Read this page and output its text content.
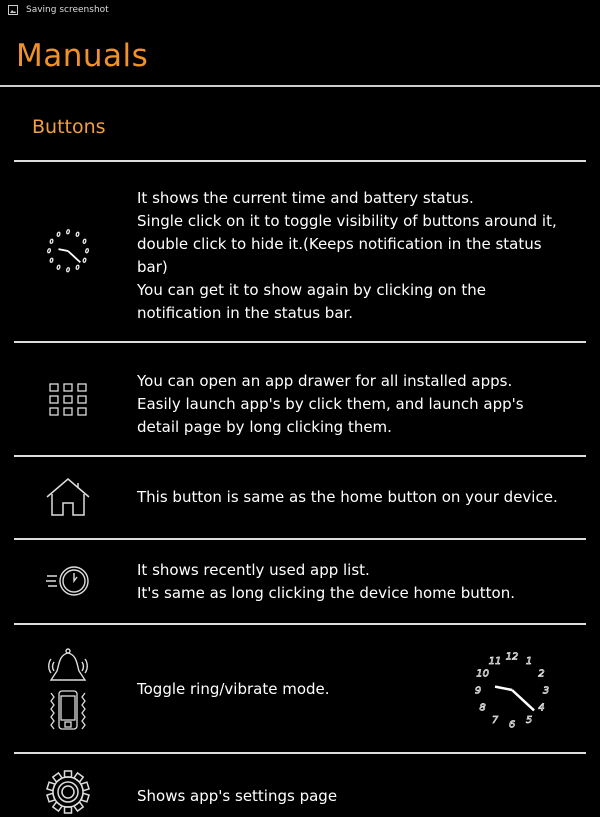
Saving screenshot
Manuals
Buttons
0 0
0
0
0
0
0
0
0
0
0
0
It shows the current time and battery status.
Single click on it to toggle visibility of buttons around it,
double click to hide it.(Keeps notification in the status
bar)
You can get it to show again by clicking on the
notification in the status bar.
You can open an app drawer for all installed apps.
Easily launch app's by click them, and launch app's
detail page by long clicking them.
This button is same as the home button on your device.
It shows recently used app list.
It's same as long clicking the device home button.
Toggle ring/vibrate mode.
Shows app's settings page
12 1
2
3
4
5
6
7
8
9
10
11
